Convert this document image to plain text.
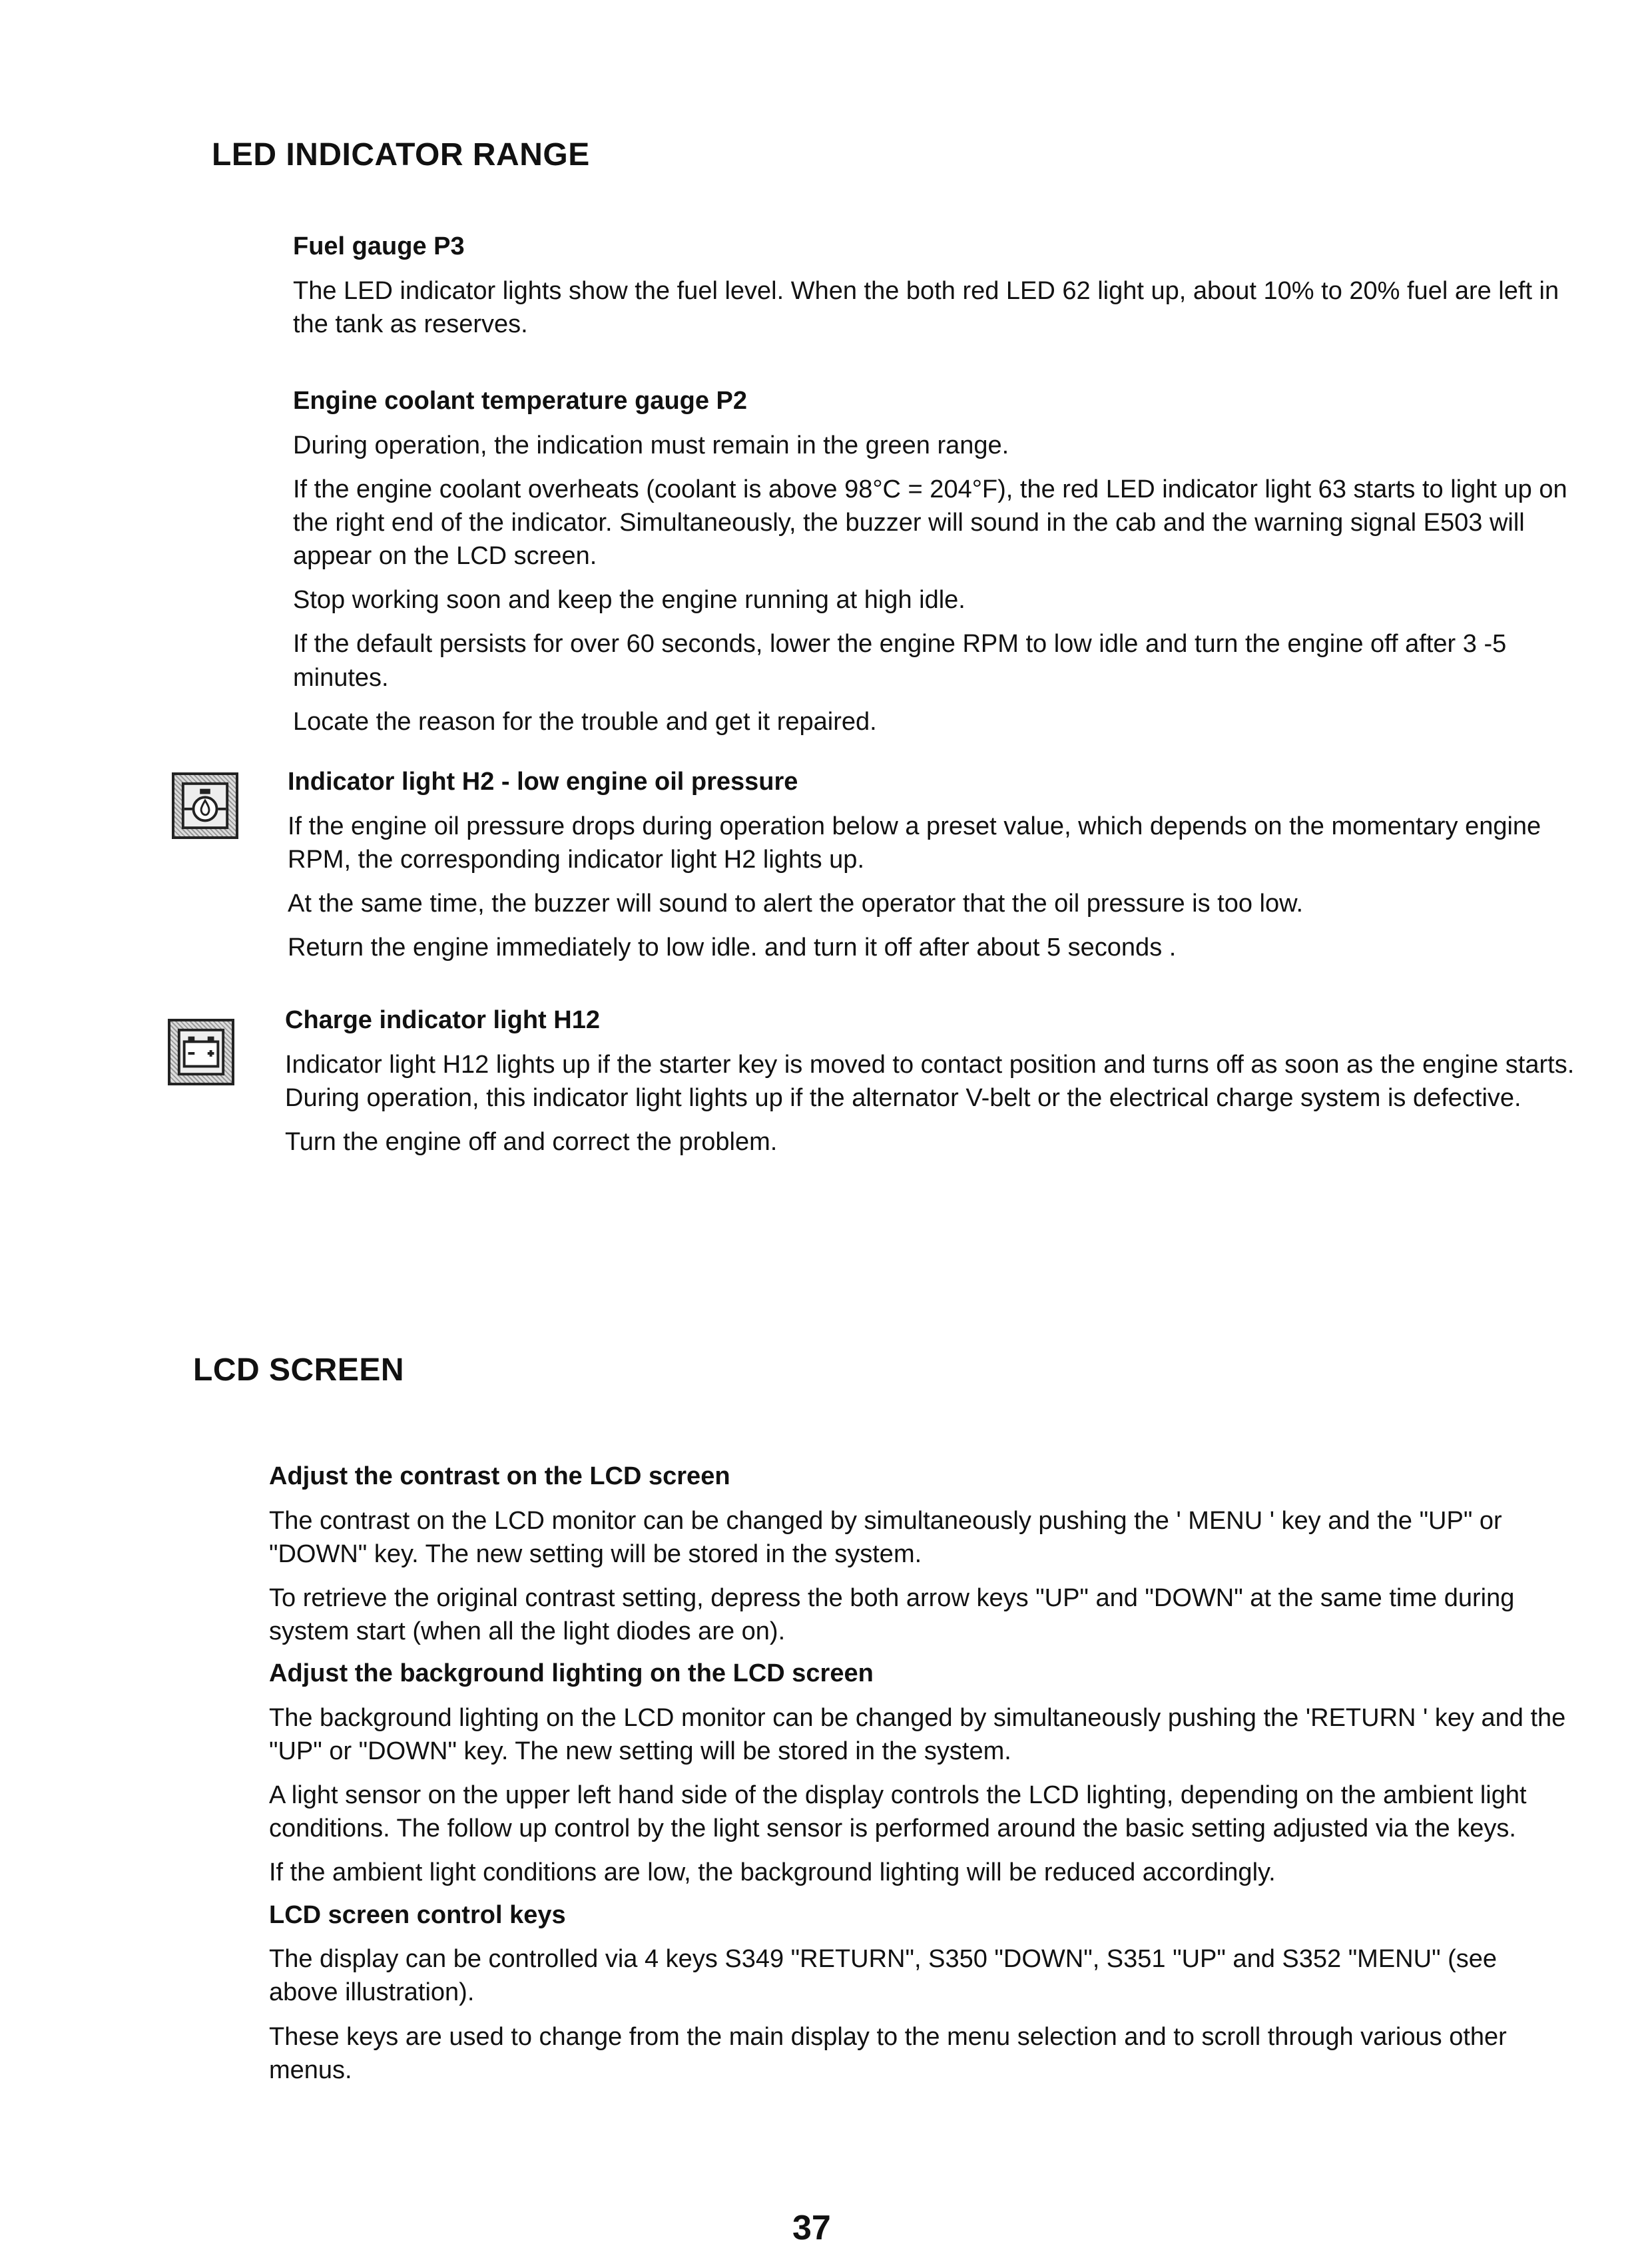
LED INDICATOR RANGE

Fuel gauge P3

The LED indicator lights show the fuel level. When the both red LED 62 light up, about 10% to 20% fuel are left in the tank as reserves.

Engine coolant temperature gauge P2

During operation, the indication must remain in the green range.

If the engine coolant overheats (coolant is above 98°C = 204°F), the red LED indicator light 63 starts to light up on the right end of the indicator. Simultaneously, the buzzer will sound in the cab and the warning signal E503 will appear on the LCD screen.

Stop working soon and keep the engine running at high idle.

If the default persists for over 60 seconds, lower the engine RPM to low idle and turn the engine off after 3 -5 minutes.

Locate the reason for the trouble and get it repaired.

Indicator light H2 - low engine oil pressure

If the engine oil pressure drops during operation below a preset value, which depends on the momentary engine RPM, the corresponding indicator light H2 lights up.

At the same time, the buzzer will sound to alert the operator that the oil pressure is too low.

Return the engine immediately to low idle. and turn it off after about 5 seconds .

Charge indicator light H12

Indicator light H12 lights up if the starter key is moved to contact position and turns off as soon as the engine starts. During operation, this indicator light lights up if the alternator V-belt or the electrical charge system is defective.

Turn the engine off and correct the problem.

LCD SCREEN

Adjust the contrast on the LCD screen

The contrast on the LCD monitor can be changed by simultaneously pushing the ' MENU ' key and the "UP" or "DOWN" key. The new setting will be stored in the system.

To retrieve the original contrast setting, depress the both arrow keys "UP" and "DOWN" at the same time during system start (when all the light diodes are on).

Adjust the background lighting on the LCD screen

The background lighting on the LCD monitor can be changed by simultaneously pushing the 'RETURN ' key and the "UP" or "DOWN" key. The new setting will be stored in the system.

A light sensor on the upper left hand side of the display controls the LCD lighting, depending on the ambient light conditions. The follow up control by the light sensor is performed around the basic setting adjusted via the keys.

If the ambient light conditions are low, the background lighting will be reduced accordingly.

LCD screen control keys

The display can be controlled via 4 keys S349 "RETURN", S350 "DOWN", S351 "UP" and S352 "MENU" (see above illustration).

These keys are used to change from the main display to the menu selection and to scroll through various other menus.

37
